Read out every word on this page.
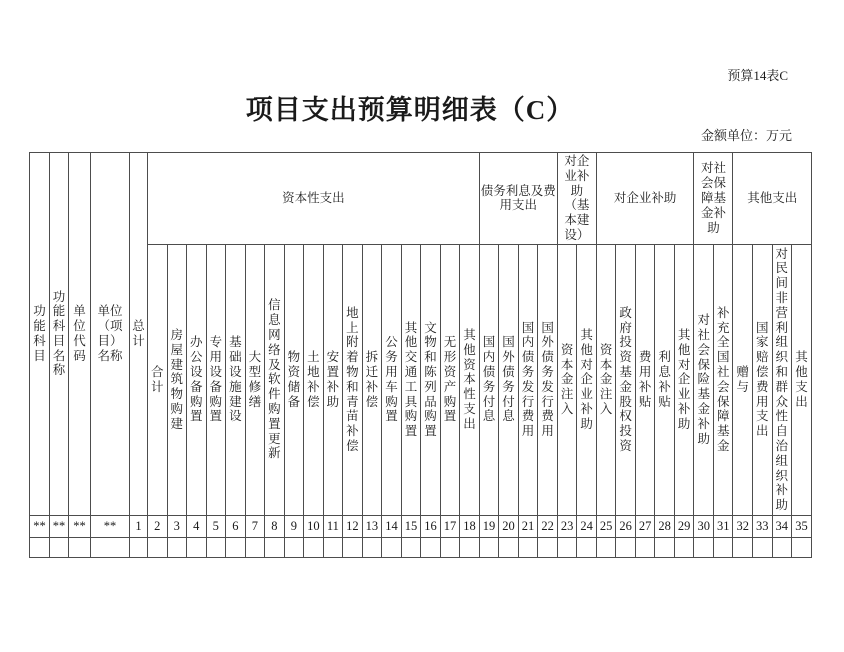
预算14表C
项目支出预算明细表（C）
金额单位：万元
功能科目	功能科目名称	单位代码	单位（项目）名称	总计	资本性支出																	债务利息及费用支出				对企业补助（基本建设）		对企业补助					对社会保障基金补助		其他支出			
					合计	房屋建筑物购建	办公设备购置	专用设备购置	基础设施建设	大型修缮	信息网络及软件购置更新	物资储备	土地补偿	安置补助	地上附着物和青苗补偿	拆迁补偿	公务用车购置	其他交通工具购置	文物和陈列品购置	无形资产购置	其他资本性支出	国内债务付息	国外债务付息	国内债务发行费用	国外债务发行费用	资本金注入	其他对企业补助	资本金注入	政府投资基金股权投资	费用补贴	利息补贴	其他对企业补助	对社会保险基金补助	补充全国社会保障基金	赠与	国家赔偿费用支出	对民间非营利组织和群众性自治组织补助	其他支出
**	**	**	**	1	2	3	4	5	6	7	8	9	10	11	12	13	14	15	16	17	18	19	20	21	22	23	24	25	26	27	28	29	30	31	32	33	34	35
